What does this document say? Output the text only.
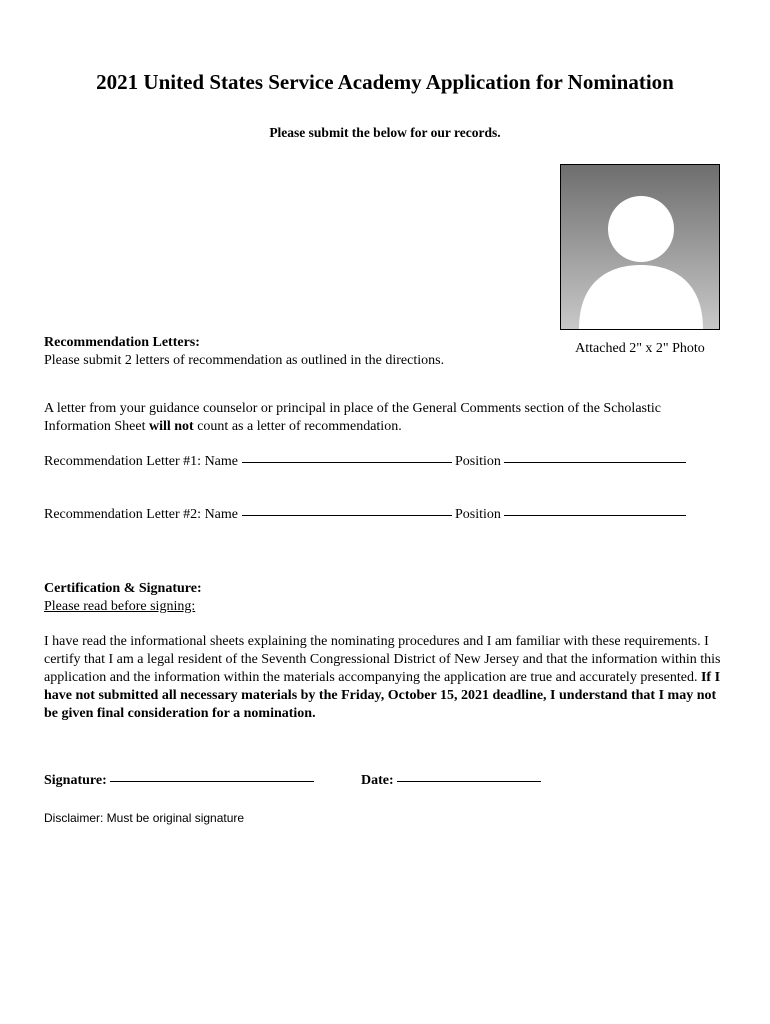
2021 United States Service Academy Application for Nomination
Please submit the below for our records.
Attached 2" x 2" Photo
Recommendation Letters:
Please submit 2 letters of recommendation as outlined in the directions.
A letter from your guidance counselor or principal in place of the General Comments section of the Scholastic Information Sheet will not count as a letter of recommendation.
Recommendation Letter #1: Name	Position
Recommendation Letter #2: Name	Position
Certification & Signature:
Please read before signing:
I have read the informational sheets explaining the nominating procedures and I am familiar with these requirements. I certify that I am a legal resident of the Seventh Congressional District of New Jersey and that the information within this application and the information within the materials accompanying the application are true and accurately presented. If I have not submitted all necessary materials by the Friday, October 15, 2021 deadline, I understand that I may not be given final consideration for a nomination.
Signature:	Date:
Disclaimer: Must be original signature
